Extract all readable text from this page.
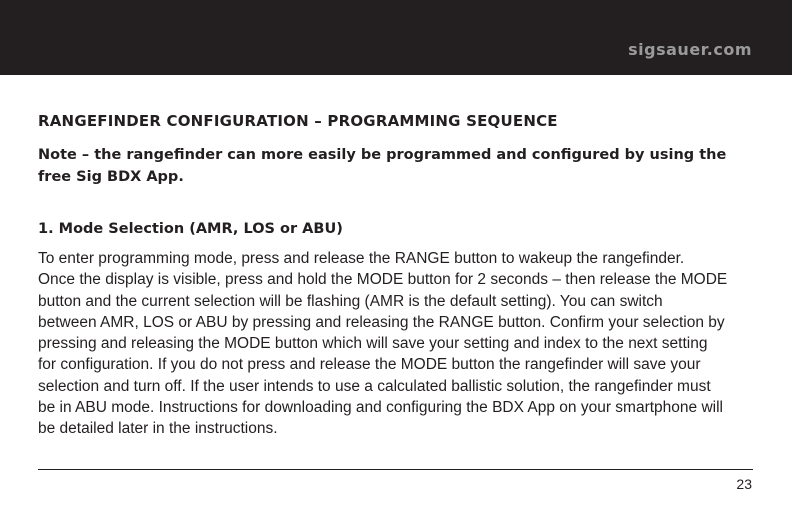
sigsauer.com
RANGEFINDER CONFIGURATION – PROGRAMMING SEQUENCE
Note – the rangefinder can more easily be programmed and configured by using the free Sig BDX App.
1. Mode Selection (AMR, LOS or ABU)

To enter programming mode, press and release the RANGE button to wakeup the rangefinder.
Once the display is visible, press and hold the MODE button for 2 seconds – then release the MODE
button and the current selection will be flashing (AMR is the default setting). You can switch
between AMR, LOS or ABU by pressing and releasing the RANGE button. Confirm your selection by
pressing and releasing the MODE button which will save your setting and index to the next setting
for configuration. If you do not press and release the MODE button the rangefinder will save your
selection and turn off. If the user intends to use a calculated ballistic solution, the rangefinder must
be in ABU mode. Instructions for downloading and configuring the BDX App on your smartphone will
be detailed later in the instructions.

23
